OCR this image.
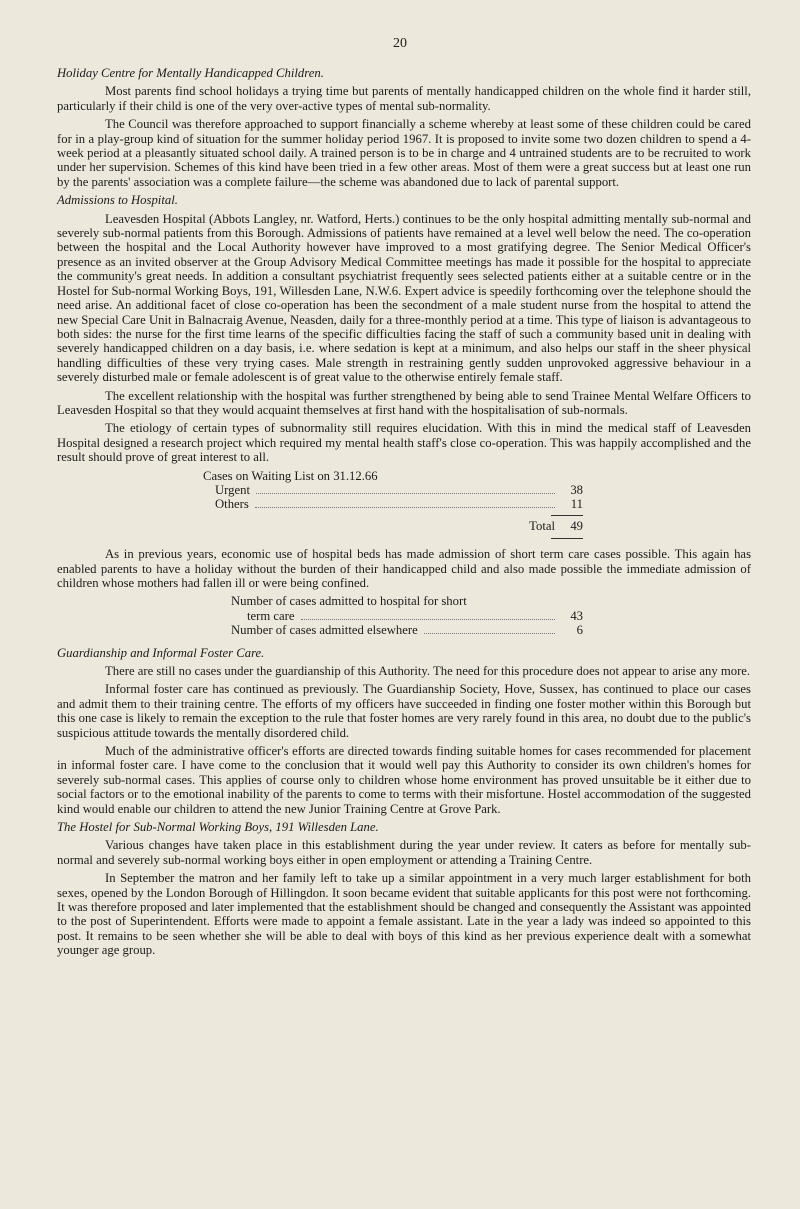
20

Holiday Centre for Mentally Handicapped Children.

Most parents find school holidays a trying time but parents of mentally handicapped children on the whole find it harder still, particularly if their child is one of the very over-active types of mental sub-normality.

The Council was therefore approached to support financially a scheme whereby at least some of these children could be cared for in a play-group kind of situation for the summer holiday period 1967. It is proposed to invite some two dozen children to spend a 4-week period at a pleasantly situated school daily. A trained person is to be in charge and 4 untrained students are to be recruited to work under her supervision. Schemes of this kind have been tried in a few other areas. Most of them were a great success but at least one run by the parents' association was a complete failure—the scheme was abandoned due to lack of parental support.

Admissions to Hospital.

Leavesden Hospital (Abbots Langley, nr. Watford, Herts.) continues to be the only hospital admitting mentally sub-normal and severely sub-normal patients from this Borough. Admissions of patients have remained at a level well below the need. The co-operation between the hospital and the Local Authority however have improved to a most gratifying degree. The Senior Medical Officer's presence as an invited observer at the Group Advisory Medical Committee meetings has made it possible for the hospital to appreciate the community's great needs. In addition a consultant psychiatrist frequently sees selected patients either at a suitable centre or in the Hostel for Sub-normal Working Boys, 191, Willesden Lane, N.W.6. Expert advice is speedily forthcoming over the telephone should the need arise. An additional facet of close co-operation has been the secondment of a male student nurse from the hospital to attend the new Special Care Unit in Balnacraig Avenue, Neasden, daily for a three-monthly period at a time. This type of liaison is advantageous to both sides: the nurse for the first time learns of the specific difficulties facing the staff of such a community based unit in dealing with severely handicapped children on a day basis, i.e. where sedation is kept at a minimum, and also helps our staff in the sheer physical handling difficulties of these very trying cases. Male strength in restraining gently sudden unprovoked aggressive behaviour in a severely disturbed male or female adolescent is of great value to the otherwise entirely female staff.

The excellent relationship with the hospital was further strengthened by being able to send Trainee Mental Welfare Officers to Leavesden Hospital so that they would acquaint themselves at first hand with the hospitalisation of sub-normals.

The etiology of certain types of subnormality still requires elucidation. With this in mind the medical staff of Leavesden Hospital designed a research project which required my mental health staff's close co-operation. This was happily accomplished and the result should prove of great interest to all.

Cases on Waiting List on 31.12.66
Urgent	38
Others	11
Total	49

As in previous years, economic use of hospital beds has made admission of short term care cases possible. This again has enabled parents to have a holiday without the burden of their handicapped child and also made possible the immediate admission of children whose mothers had fallen ill or were being confined.

Number of cases admitted to hospital for short
term care	43
Number of cases admitted elsewhere	6

Guardianship and Informal Foster Care.

There are still no cases under the guardianship of this Authority. The need for this procedure does not appear to arise any more.

Informal foster care has continued as previously. The Guardianship Society, Hove, Sussex, has continued to place our cases and admit them to their training centre. The efforts of my officers have succeeded in finding one foster mother within this Borough but this one case is likely to remain the exception to the rule that foster homes are very rarely found in this area, no doubt due to the public's suspicious attitude towards the mentally disordered child.

Much of the administrative officer's efforts are directed towards finding suitable homes for cases recommended for placement in informal foster care. I have come to the conclusion that it would well pay this Authority to consider its own children's homes for severely sub-normal cases. This applies of course only to children whose home environment has proved unsuitable be it either due to social factors or to the emotional inability of the parents to come to terms with their misfortune. Hostel accommodation of the suggested kind would enable our children to attend the new Junior Training Centre at Grove Park.

The Hostel for Sub-Normal Working Boys, 191 Willesden Lane.

Various changes have taken place in this establishment during the year under review. It caters as before for mentally sub-normal and severely sub-normal working boys either in open employment or attending a Training Centre.

In September the matron and her family left to take up a similar appointment in a very much larger establishment for both sexes, opened by the London Borough of Hillingdon. It soon became evident that suitable applicants for this post were not forthcoming. It was therefore proposed and later implemented that the establishment should be changed and consequently the Assistant was appointed to the post of Superintendent. Efforts were made to appoint a female assistant. Late in the year a lady was indeed so appointed to this post. It remains to be seen whether she will be able to deal with boys of this kind as her previous experience dealt with a somewhat younger age group.
